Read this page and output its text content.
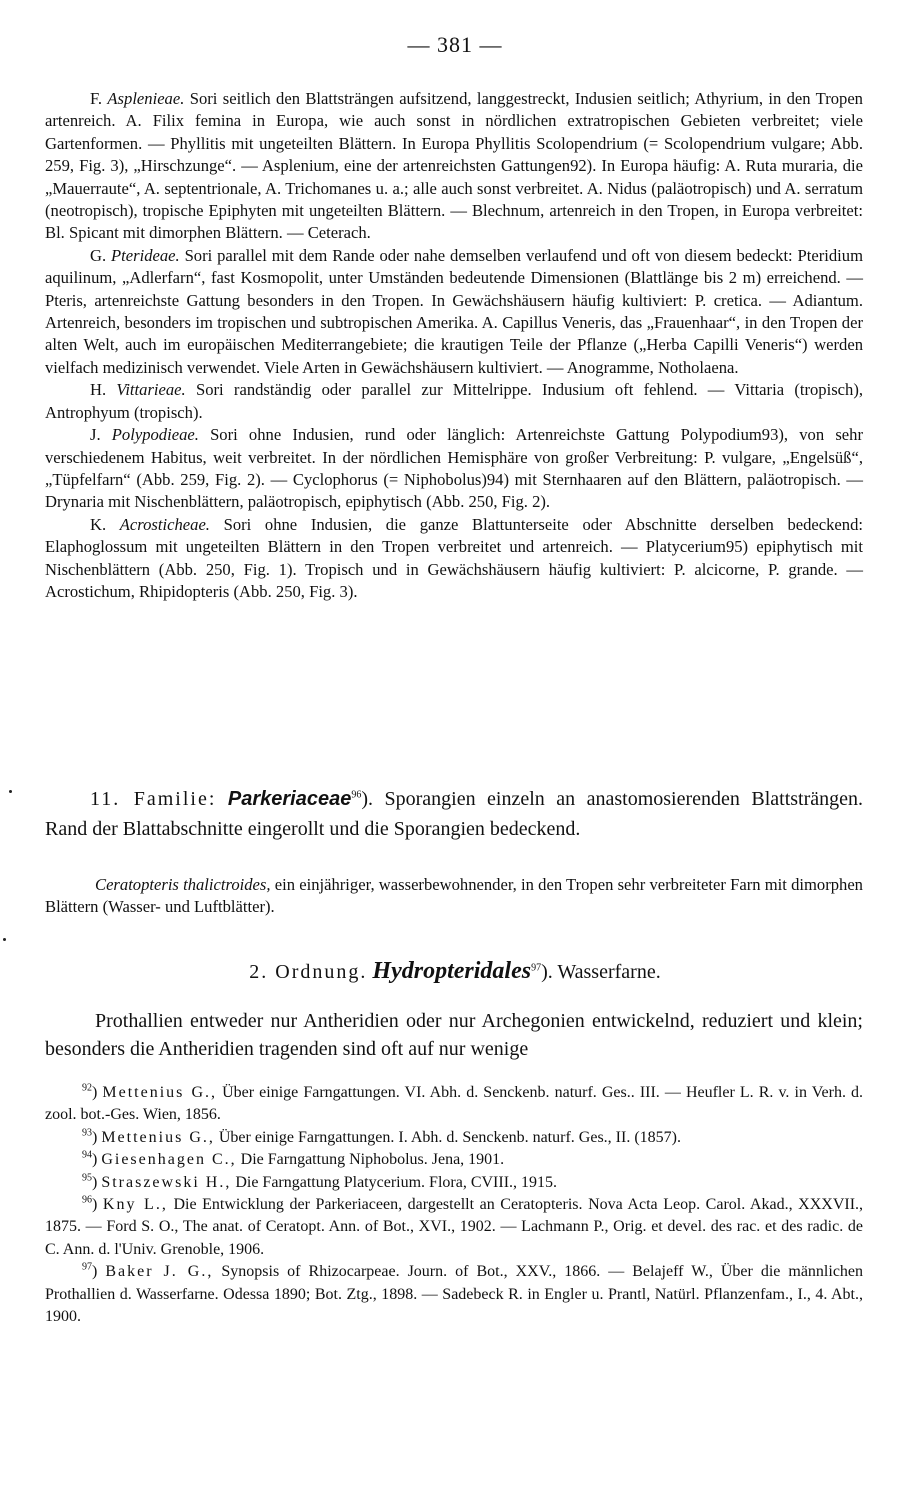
— 381 —

F. Asplenieae. Sori seitlich den Blattsträngen aufsitzend, langgestreckt, Indusien seitlich; Athyrium, in den Tropen artenreich. A. Filix femina in Europa, wie auch sonst in nördlichen extratropischen Gebieten verbreitet; viele Gartenformen. — Phyllitis mit ungeteilten Blättern. In Europa Phyllitis Scolopendrium (= Scolopendrium vulgare; Abb. 259, Fig. 3), „Hirschzunge“. — Asplenium, eine der artenreichsten Gattungen92). In Europa häufig: A. Ruta muraria, die „Mauerraute“, A. septentrionale, A. Trichomanes u. a.; alle auch sonst verbreitet. A. Nidus (paläotropisch) und A. serratum (neotropisch), tropische Epiphyten mit ungeteilten Blättern. — Blechnum, artenreich in den Tropen, in Europa verbreitet: Bl. Spicant mit dimorphen Blättern. — Ceterach.

G. Pterideae. Sori parallel mit dem Rande oder nahe demselben verlaufend und oft von diesem bedeckt: Pteridium aquilinum, „Adlerfarn“, fast Kosmopolit, unter Umständen bedeutende Dimensionen (Blattlänge bis 2 m) erreichend. — Pteris, artenreichste Gattung besonders in den Tropen. In Gewächshäusern häufig kultiviert: P. cretica. — Adiantum. Artenreich, besonders im tropischen und subtropischen Amerika. A. Capillus Veneris, das „Frauenhaar“, in den Tropen der alten Welt, auch im europäischen Mediterrangebiete; die krautigen Teile der Pflanze („Herba Capilli Veneris“) werden vielfach medizinisch verwendet. Viele Arten in Gewächshäusern kultiviert. — Anogramme, Notholaena.

H. Vittarieae. Sori randständig oder parallel zur Mittelrippe. Indusium oft fehlend. — Vittaria (tropisch), Antrophyum (tropisch).

J. Polypodieae. Sori ohne Indusien, rund oder länglich: Artenreichste Gattung Polypodium93), von sehr verschiedenem Habitus, weit verbreitet. In der nördlichen Hemisphäre von großer Verbreitung: P. vulgare, „Engelsüß“, „Tüpfelfarn“ (Abb. 259, Fig. 2). — Cyclophorus (= Niphobolus)94) mit Sternhaaren auf den Blättern, paläotropisch. — Drynaria mit Nischenblättern, paläotropisch, epiphytisch (Abb. 250, Fig. 2).

K. Acrosticheae. Sori ohne Indusien, die ganze Blattunterseite oder Abschnitte derselben bedeckend: Elaphoglossum mit ungeteilten Blättern in den Tropen verbreitet und artenreich. — Platycerium95) epiphytisch mit Nischenblättern (Abb. 250, Fig. 1). Tropisch und in Gewächshäusern häufig kultiviert: P. alcicorne, P. grande. — Acrostichum, Rhipidopteris (Abb. 250, Fig. 3).

11. Familie: Parkeriaceae$^{96}$). Sporangien einzeln an anastomosierenden Blattsträngen. Rand der Blattabschnitte eingerollt und die Sporangien bedeckend.

Ceratopteris thalictroides, ein einjähriger, wasserbewohnender, in den Tropen sehr verbreiteter Farn mit dimorphen Blättern (Wasser- und Luftblätter).

2. Ordnung. Hydropteridales$^{97}$). Wasserfarne.

Prothallien entweder nur Antheridien oder nur Archegonien entwickelnd, reduziert und klein; besonders die Antheridien tragenden sind oft auf nur wenige

$^{92}$) Mettenius G., Über einige Farngattungen. VI. Abh. d. Senckenb. naturf. Ges.. III. — Heufler L. R. v. in Verh. d. zool. bot.-Ges. Wien, 1856.

$^{93}$) Mettenius G., Über einige Farngattungen. I. Abh. d. Senckenb. naturf. Ges., II. (1857).

$^{94}$) Giesenhagen C., Die Farngattung Niphobolus. Jena, 1901.

$^{95}$) Straszewski H., Die Farngattung Platycerium. Flora, CVIII., 1915.

$^{96}$) Kny L., Die Entwicklung der Parkeriaceen, dargestellt an Ceratopteris. Nova Acta Leop. Carol. Akad., XXXVII., 1875. — Ford S. O., The anat. of Ceratopt. Ann. of Bot., XVI., 1902. — Lachmann P., Orig. et devel. des rac. et des radic. de C. Ann. d. l'Univ. Grenoble, 1906.

$^{97}$) Baker J. G., Synopsis of Rhizocarpeae. Journ. of Bot., XXV., 1866. — Belajeff W., Über die männlichen Prothallien d. Wasserfarne. Odessa 1890; Bot. Ztg., 1898. — Sadebeck R. in Engler u. Prantl, Natürl. Pflanzenfam., I., 4. Abt., 1900.
